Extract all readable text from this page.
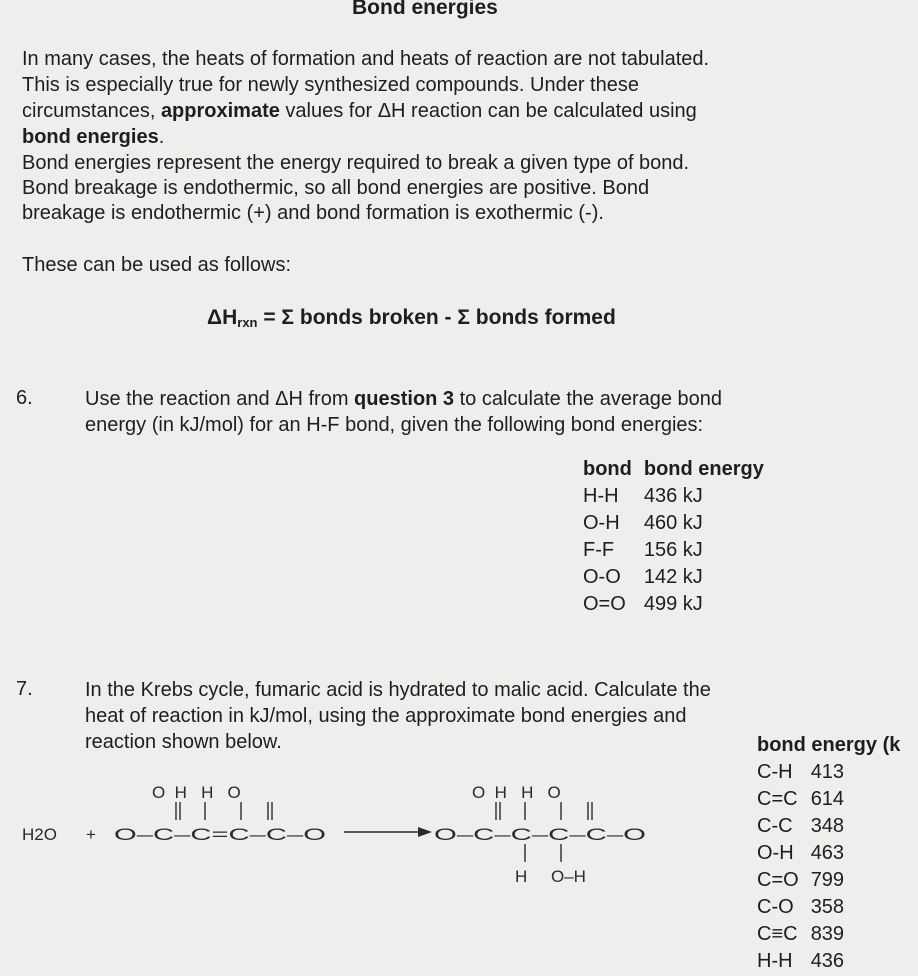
Bond energies
In many cases, the heats of formation and heats of reaction are not tabulated.
This is especially true for newly synthesized compounds. Under these
circumstances, approximate values for ΔH reaction can be calculated using
bond energies.
Bond energies represent the energy required to break a given type of bond.
Bond breakage is endothermic, so all bond energies are positive. Bond
breakage is endothermic (+) and bond formation is exothermic (-).
These can be used as follows:
$\Delta H_{rxn} = \Sigma$ bonds broken - Σ bonds formed
6.	Use the reaction and ΔH from question 3 to calculate the average bond
energy (in kJ/mol) for an H-F bond, given the following bond energies:
bond	bond energy
H-H	436 kJ
O-H	460 kJ
F-F	156 kJ
O-O	142 kJ
O=O	499 kJ
7.	In the Krebs cycle, fumaric acid is hydrated to malic acid. Calculate the
heat of reaction in kJ/mol, using the approximate bond energies and
reaction shown below.	bond energy (k
C-H	413
C=C	614
C-C	348
O-H	463
C=O	799
C-O	358
C≡C	839
H-H	436
H2O +
O  H   H   O
O–C–C=C–C–O
O  H   H   O
O–C–C–C–C–O
H O–H
